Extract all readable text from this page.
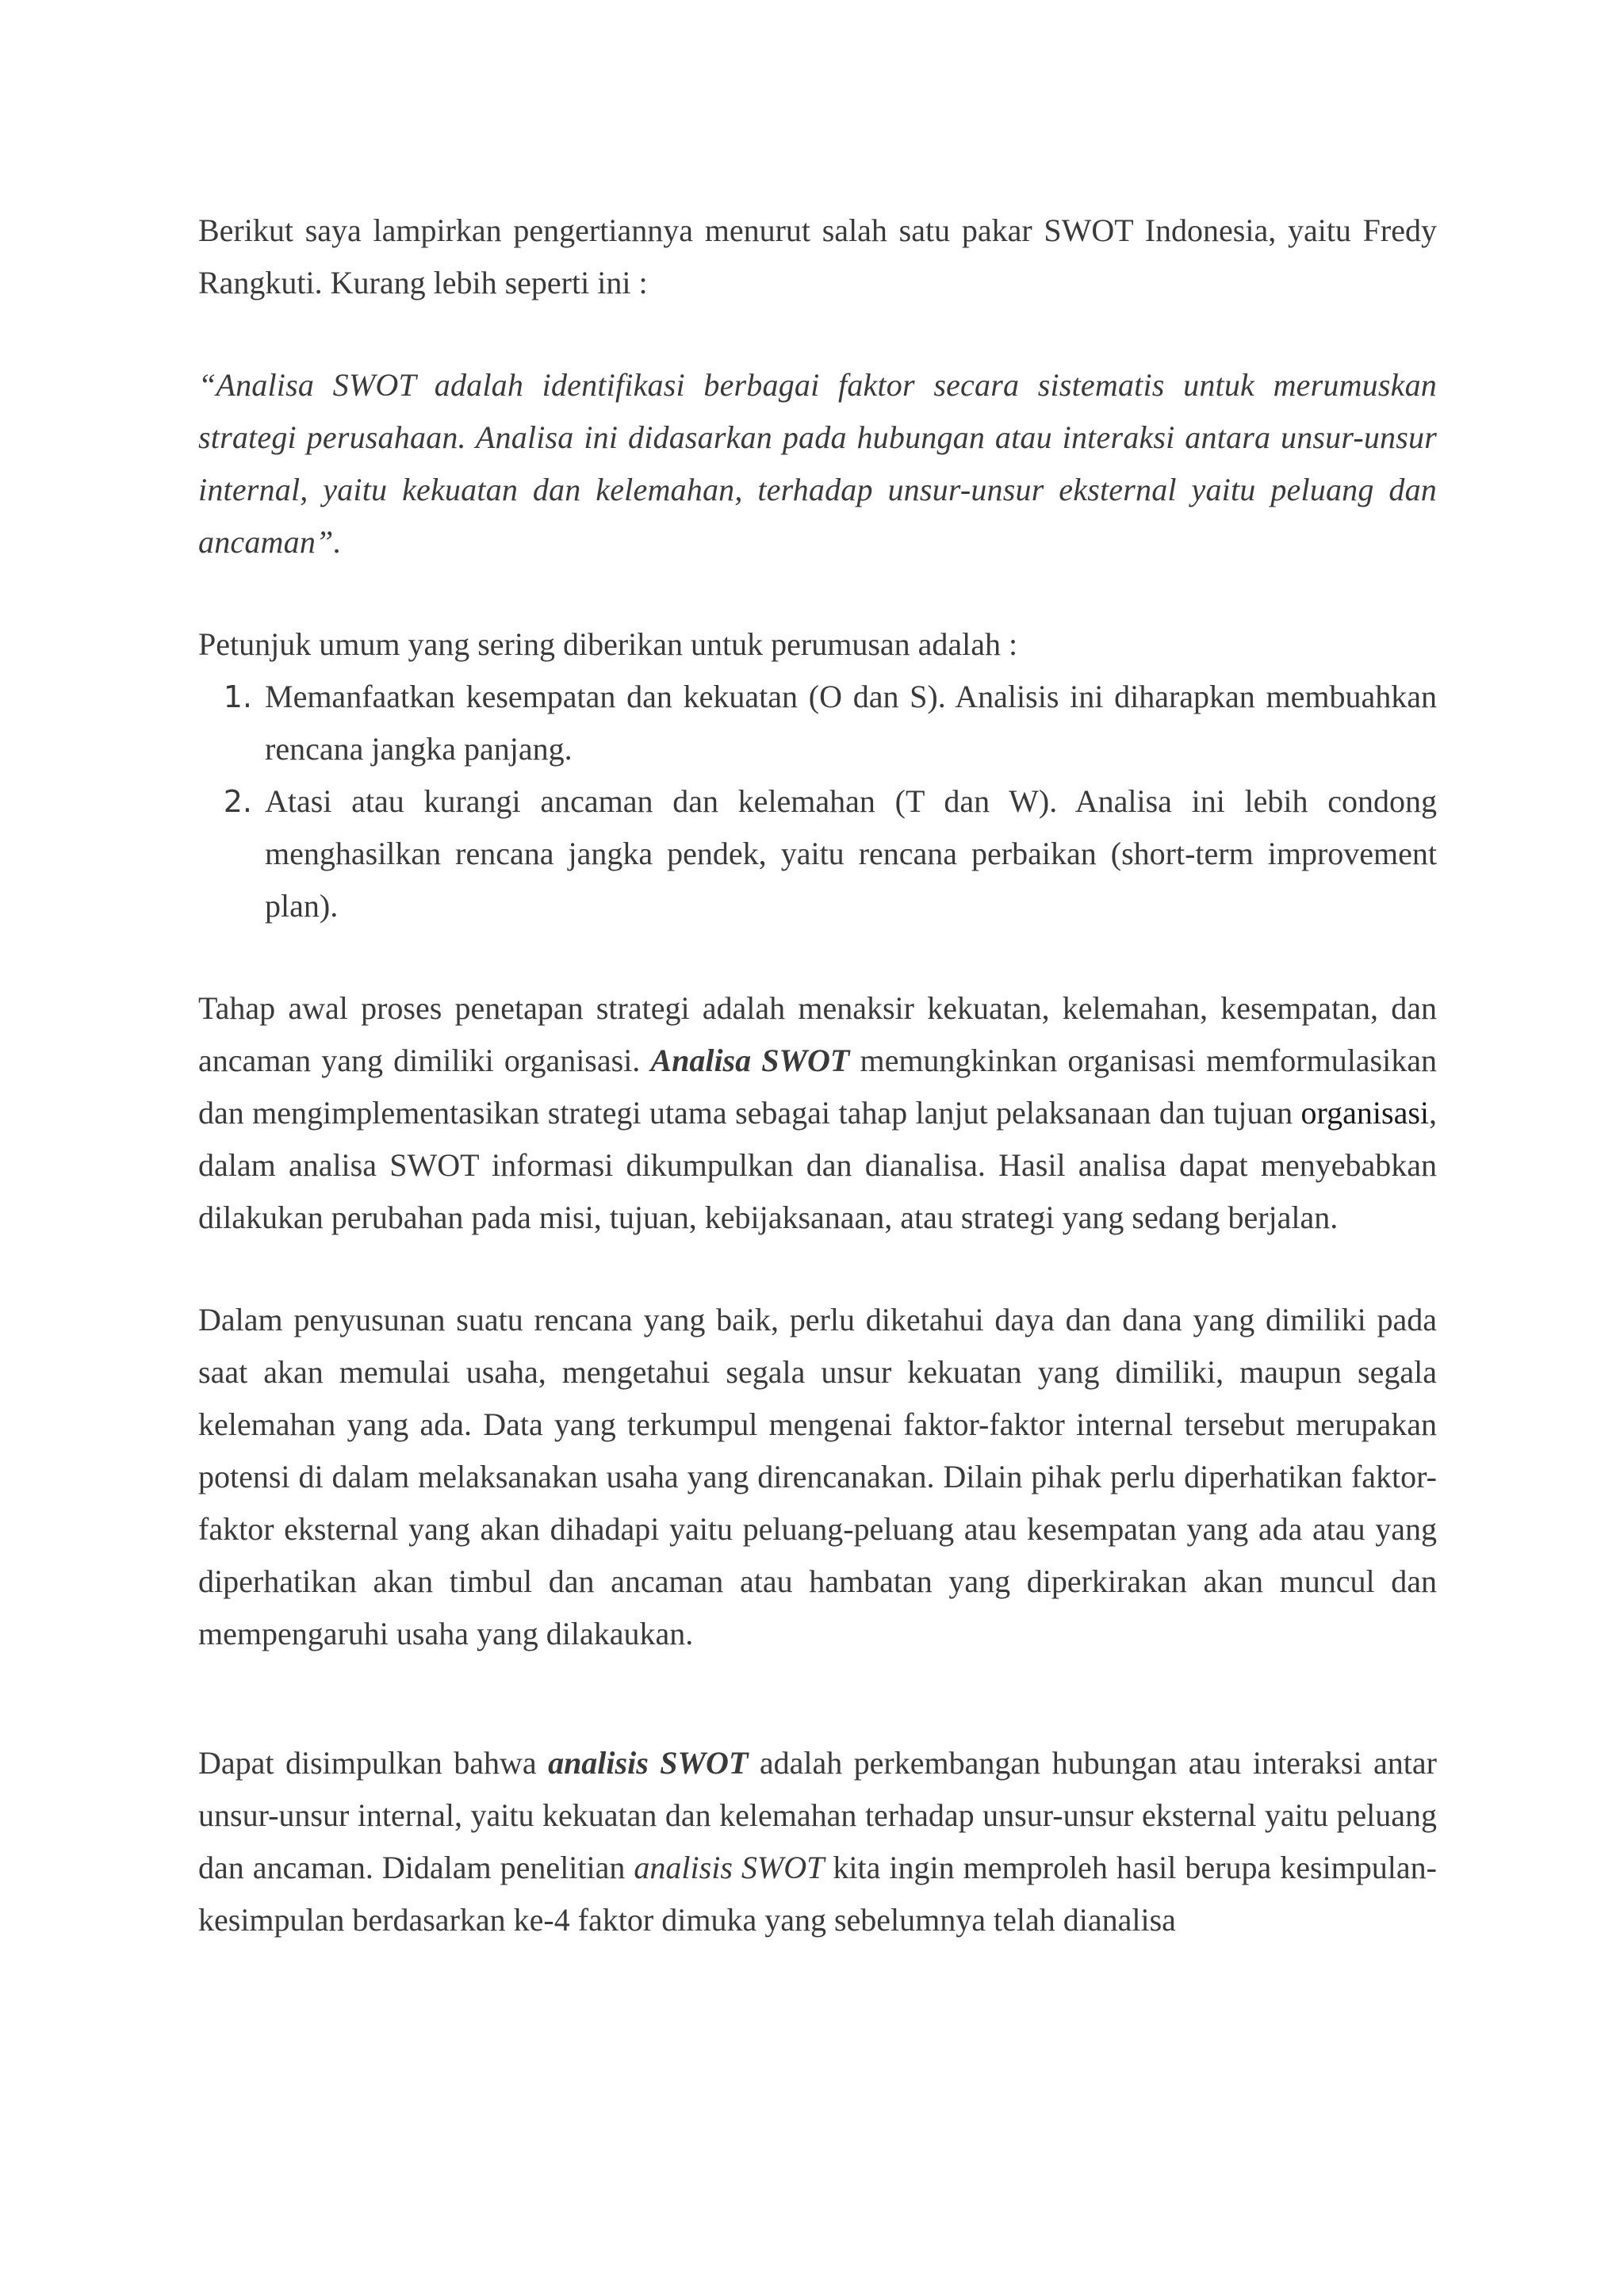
Berikut saya lampirkan pengertiannya menurut salah satu pakar SWOT Indonesia, yaitu Fredy Rangkuti. Kurang lebih seperti ini :

“Analisa SWOT adalah identifikasi berbagai faktor secara sistematis untuk merumuskan strategi perusahaan. Analisa ini didasarkan pada hubungan atau interaksi antara unsur-unsur internal, yaitu kekuatan dan kelemahan, terhadap unsur-unsur eksternal yaitu peluang dan ancaman”.

Petunjuk umum yang sering diberikan untuk perumusan adalah :

1. Memanfaatkan kesempatan dan kekuatan (O dan S). Analisis ini diharapkan membuahkan rencana jangka panjang.
2. Atasi atau kurangi ancaman dan kelemahan (T dan W). Analisa ini lebih condong menghasilkan rencana jangka pendek, yaitu rencana perbaikan (short-term improvement plan).

Tahap awal proses penetapan strategi adalah menaksir kekuatan, kelemahan, kesempatan, dan ancaman yang dimiliki organisasi. Analisa SWOT memungkinkan organisasi memformulasikan dan mengimplementasikan strategi utama sebagai tahap lanjut pelaksanaan dan tujuan organisasi, dalam analisa SWOT informasi dikumpulkan dan dianalisa. Hasil analisa dapat menyebabkan dilakukan perubahan pada misi, tujuan, kebijaksanaan, atau strategi yang sedang berjalan.

Dalam penyusunan suatu rencana yang baik, perlu diketahui daya dan dana yang dimiliki pada saat akan memulai usaha, mengetahui segala unsur kekuatan yang dimiliki, maupun segala kelemahan yang ada. Data yang terkumpul mengenai faktor-faktor internal tersebut merupakan potensi di dalam melaksanakan usaha yang direncanakan. Dilain pihak perlu diperhatikan faktor-faktor eksternal yang akan dihadapi yaitu peluang-peluang atau kesempatan yang ada atau yang diperhatikan akan timbul dan ancaman atau hambatan yang diperkirakan akan muncul dan mempengaruhi usaha yang dilakaukan.

Dapat disimpulkan bahwa analisis SWOT adalah perkembangan hubungan atau interaksi antar unsur-unsur internal, yaitu kekuatan dan kelemahan terhadap unsur-unsur eksternal yaitu peluang dan ancaman. Didalam penelitian analisis SWOT kita ingin memproleh hasil berupa kesimpulan-kesimpulan berdasarkan ke-4 faktor dimuka yang sebelumnya telah dianalisa
